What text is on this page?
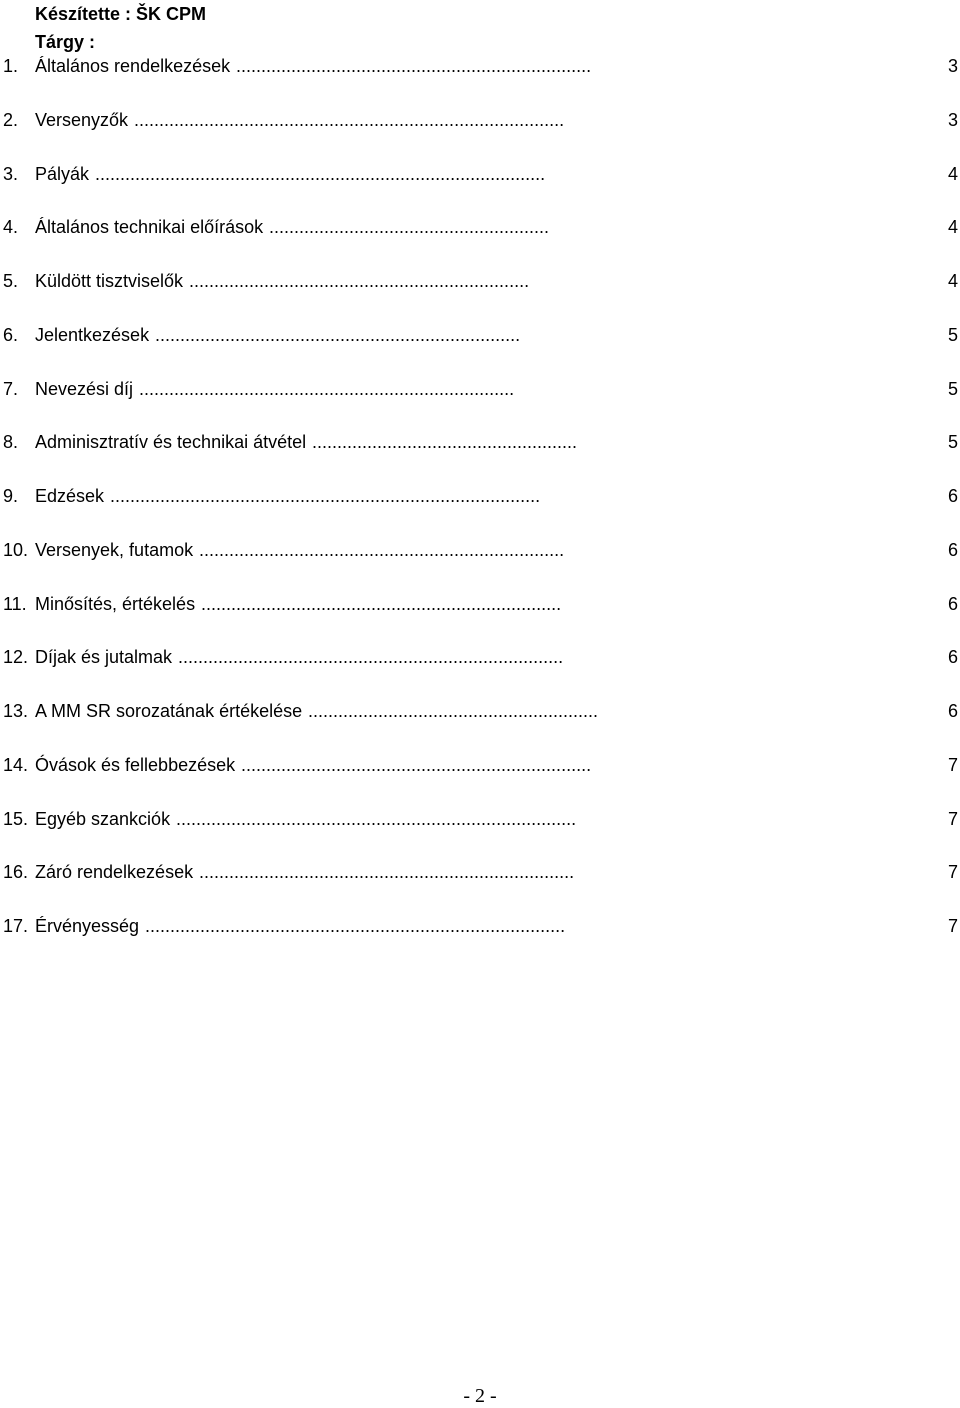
Készítette : ŠK CPM
Tárgy :
1. Általános rendelkezések .......................................................................	3
2. Versenyzők ......................................................................................	3
3. Pályák ..........................................................................................	4
4. Általános technikai előírások ........................................................	4
5. Küldött tisztviselők ....................................................................	4
6. Jelentkezések .........................................................................	5
7. Nevezési díj ...........................................................................	5
8. Adminisztratív és technikai átvétel .....................................................	5
9. Edzések ......................................................................................	6
10. Versenyek, futamok .........................................................................	6
11. Minősítés, értékelés ........................................................................	6
12. Díjak és jutalmak .............................................................................	6
13. A MM SR sorozatának értékelése ..........................................................	6
14. Óvások és fellebbezések ......................................................................	7
15. Egyéb szankciók ................................................................................	7
16. Záró rendelkezések ...........................................................................	7
17. Érvényesség ....................................................................................	7
- 2 -
